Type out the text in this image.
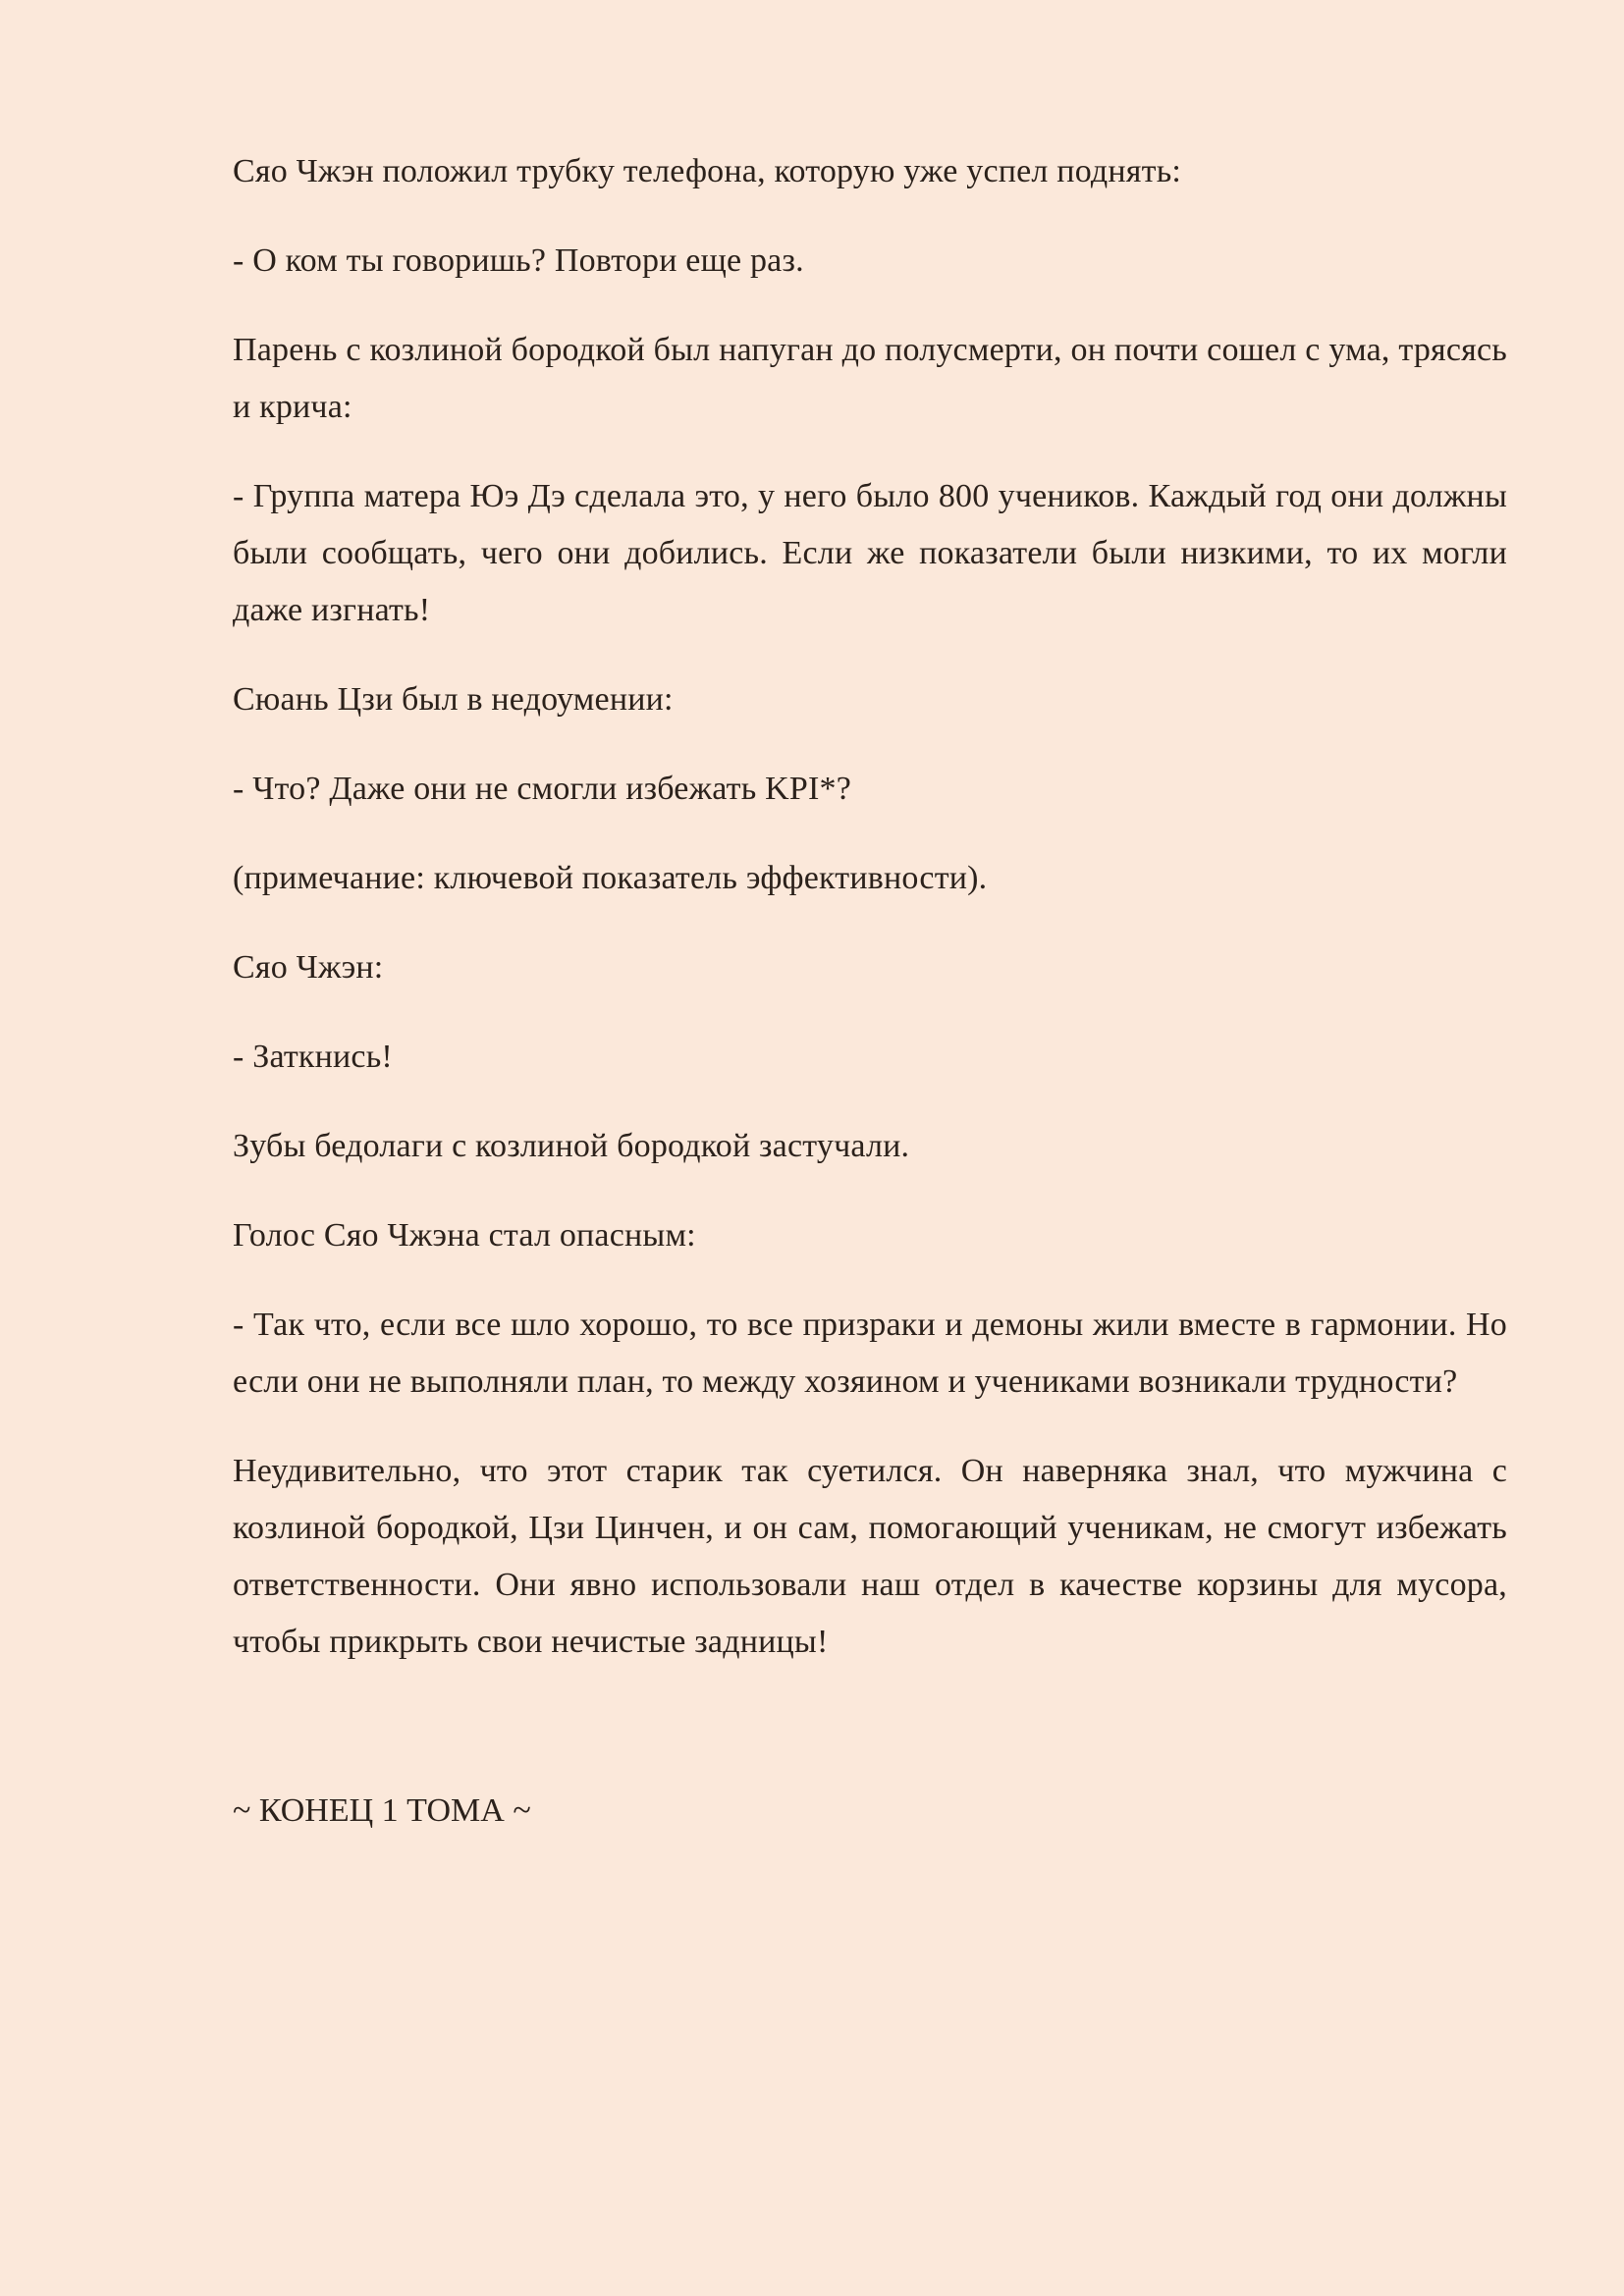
Сяо Чжэн положил трубку телефона, которую уже успел поднять:

- О ком ты говоришь? Повтори еще раз.

Парень с козлиной бородкой был напуган до полусмерти, он почти сошел с ума, трясясь и крича:

- Группа матера Юэ Дэ сделала это, у него было 800 учеников. Каждый год они должны были сообщать, чего они добились. Если же показатели были низкими, то их могли даже изгнать!

Сюань Цзи был в недоумении:

- Что? Даже они не смогли избежать KPI*?

(примечание: ключевой показатель эффективности).

Сяо Чжэн:

- Заткнись!

Зубы бедолаги с козлиной бородкой застучали.

Голос Сяо Чжэна стал опасным:

- Так что, если все шло хорошо, то все призраки и демоны жили вместе в гармонии. Но если они не выполняли план, то между хозяином и учениками возникали трудности?

Неудивительно, что этот старик так суетился. Он наверняка знал, что мужчина с козлиной бородкой, Цзи Цинчен, и он сам, помогающий ученикам, не смогут избежать ответственности. Они явно использовали наш отдел в качестве корзины для мусора, чтобы прикрыть свои нечистые задницы!

~ КОНЕЦ 1 ТОМА ~
